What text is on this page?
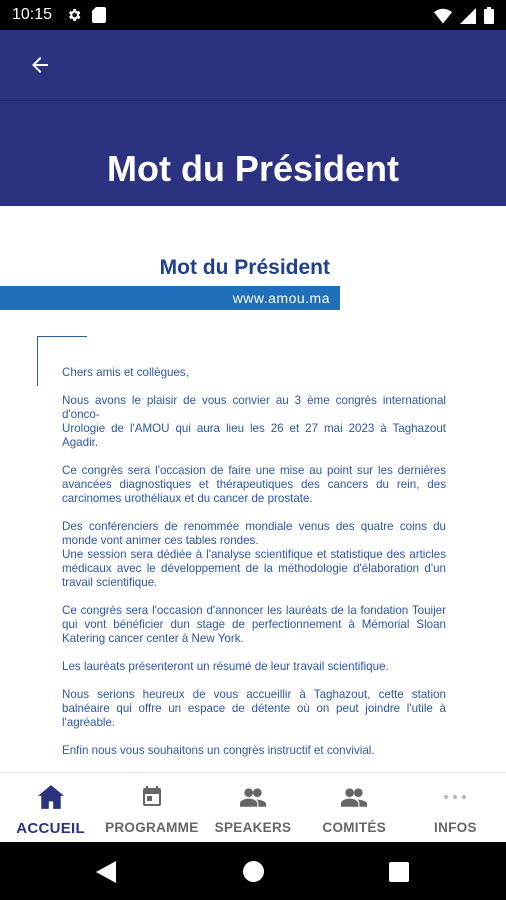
10:15
Mot du Président
Mot du Président
www.amou.ma

Chers amis et collègues,

Nous avons le plaisir de vous convier au 3 ème congrès international d'onco-
Urologie de l'AMOU qui aura lieu les 26 et 27 mai 2023 à Taghazout Agadir.

Ce congrès sera l'occasion de faire une mise au point sur les dernières avancées diagnostiques et thérapeutiques des cancers du rein, des carcinomes urothéliaux et du cancer de prostate.

Des conférenciers de renommée mondiale venus des quatre coins du monde vont animer ces tables rondes.
Une session sera dédiée à l'analyse scientifique et statistique des articles médicaux avec le développement de la méthodologie d'élaboration d'un travail scientifique.

Ce congrès sera l'occasion d'annoncer les lauréats de la fondation Touijer qui vont bénéficier dun stage de perfectionnement à Mémorial Sloan Katering cancer center à New York.

Les lauréats présenteront un résumé de leur travail scientifique.

Nous serions heureux de vous accueillir à Taghazout, cette station balnéaire qui offre un espace de détente où on peut joindre l'utile à l'agréable.

Enfin nous vous souhaitons un congrès instructif et convivial.

ACCUEIL PROGRAMME SPEAKERS COMITÉS	INFOS
